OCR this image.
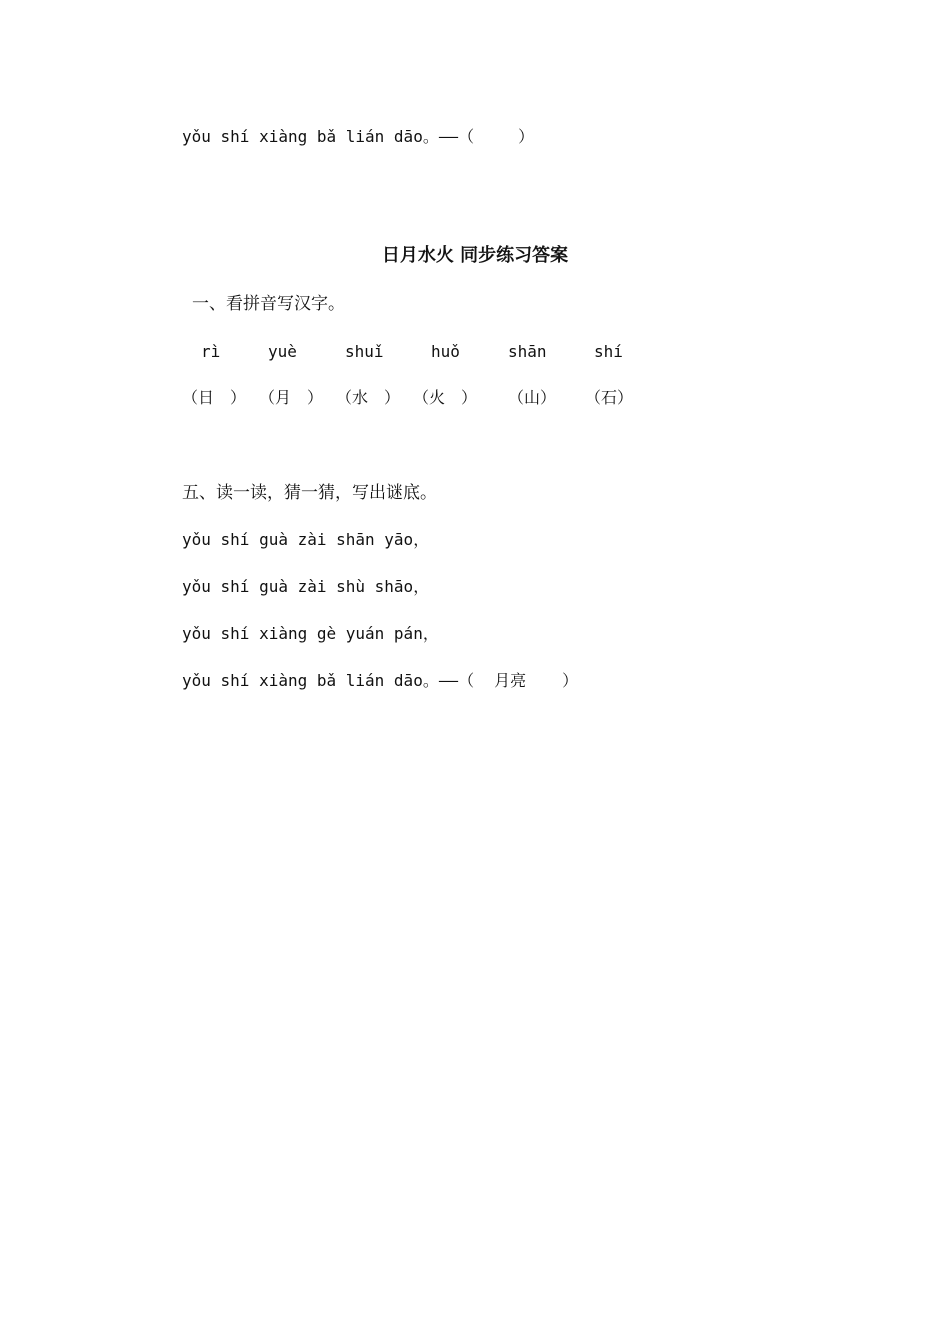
yǒu shí xiàng bǎ lián dāo。——（	）
日月水火 同步练习答案
一、看拼音写汉字。
rì	yuè	shuǐ	huǒ	shān	shí
（日　） （月　） （水　） （火　） （山） （石）
五、读一读，猜一猜，写出谜底。
yǒu shí guà zài shān yāo，
yǒu shí guà zài shù shāo，
yǒu shí xiàng gè yuán pán，
yǒu shí xiàng bǎ lián dāo。——（ 月亮 ）
